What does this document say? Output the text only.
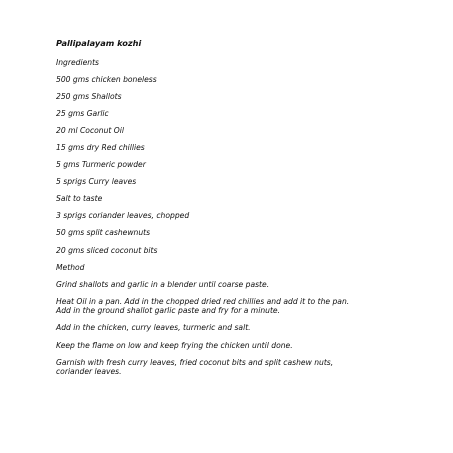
Pallipalayam kozhi
Ingredients
500 gms chicken boneless
250 gms Shallots
25 gms Garlic
20 ml Coconut Oil
15 gms dry Red chillies
5 gms Turmeric powder
5 sprigs Curry leaves
Salt to taste
3 sprigs coriander leaves, chopped
50 gms split cashewnuts
20 gms sliced coconut bits
Method
Grind shallots and garlic in a blender until coarse paste.
Heat Oil in a pan. Add in the chopped dried red chillies and add it to the pan.
Add in the ground shallot garlic paste and fry for a minute.
Add in the chicken, curry leaves, turmeric and salt.
Keep the flame on low and keep frying the chicken until done.
Garnish with fresh curry leaves, fried coconut bits and split cashew nuts,
coriander leaves.
